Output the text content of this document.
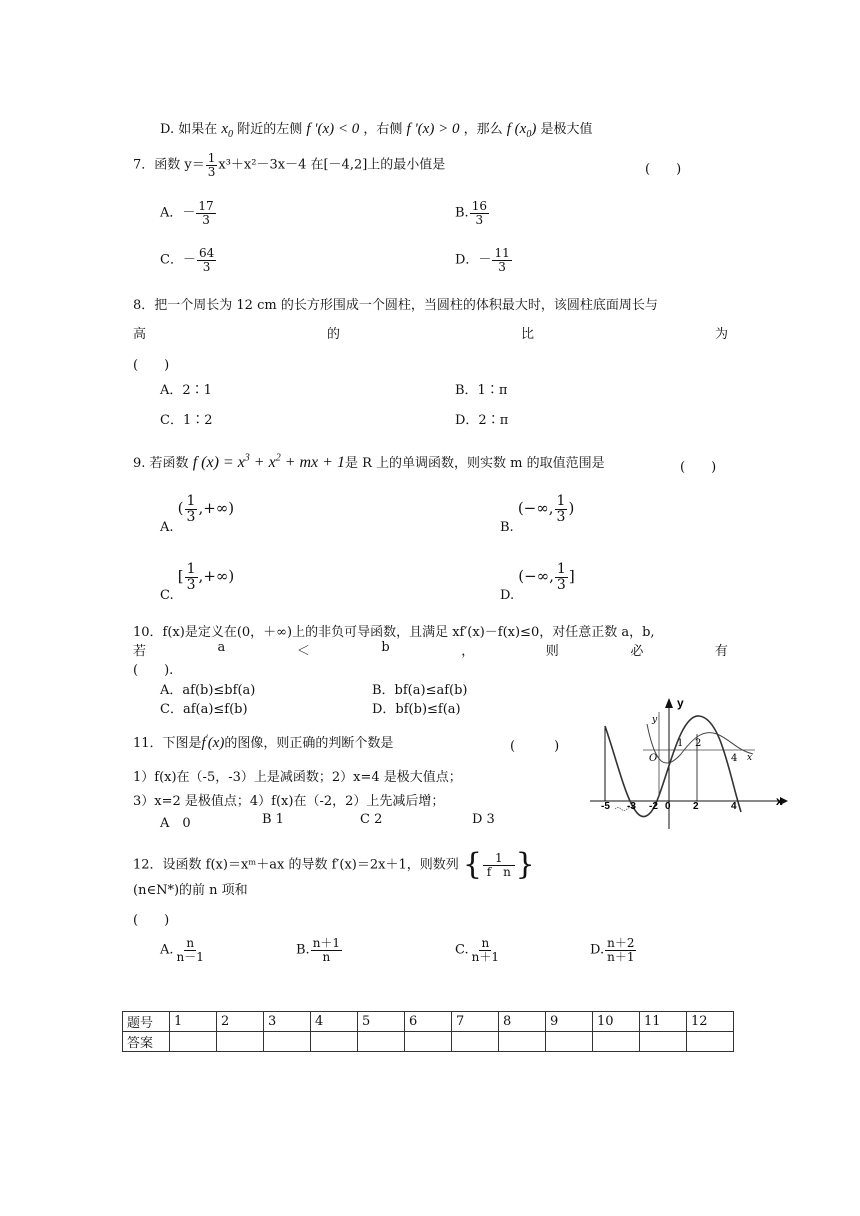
D. 如果在 $x_0$ 附近的左侧 f '(x) < 0 ，右侧 f '(x) > 0 ，那么 f $(x_0)$ 是极大值
7．函数 $y= \frac{1}{3} x^3+x^2-3x-4$ 在[－4,2]上的最小值是	(　　)
A．－ $\frac{17}{3}$	B. $\frac{16}{3}$
C．－ $\frac{64}{3}$	D．－ $\frac{11}{3}$
8．把一个周长为 12 cm 的长方形围成一个圆柱，当圆柱的体积最大时，该圆柱底面周长与
高	的	比	为
(　　)
A．2∶1	B．1∶π
C．1∶2	D．2∶π
9. 若函数 f $(x) = x^3 + x^2$ + mx + 1是 R 上的单调函数，则实数 m 的取值范围是	(　　)
A. ( $\frac{1}{3}$ ,+∞)
B. (−∞, $\frac{1}{3}$ )
C. [ $\frac{1}{3}$ ,+∞)
D. (−∞, $\frac{1}{3}$ ]
10．f(x)是定义在(0，＋∞)上的非负可导函数，且满足 xf′(x)－f(x)≤0，对任意正数 a，b,
若	a	＜	b	，	则	必	有
(　　).
A．af(b)≤bf(a)	B．bf(a)≤af(b)
C．af(a)≤f(b)	D．bf(b)≤f(a)
11．下图是f′(x)的图像，则正确的判断个数是	(　　　)
1）f(x)在（-5，-3）上是减函数；2）x=4 是极大值点；
3）x=2 是极值点；4）f(x)在（-2，2）上先减后增；
A　0	B 1	C 2	D 3
y
x
y
x
O
1 2
4
-5 -3 -2 0 2	4
12．设函数 f(x)＝xᵐ＋ax 的导数 f′(x)＝2x＋1，则数列 { $\frac{1}{\text{f　n}}$ }
(n∈N*)的前 n 项和
(　　)
A. $\frac{n}{n-1}$	B. $\frac{n+1}{n}$	C. $\frac{n}{n+1}$	D. $\frac{n+2}{n+1}$
题号	1	2	3	4	5	6	7	8	9	10	11	12
答案												
